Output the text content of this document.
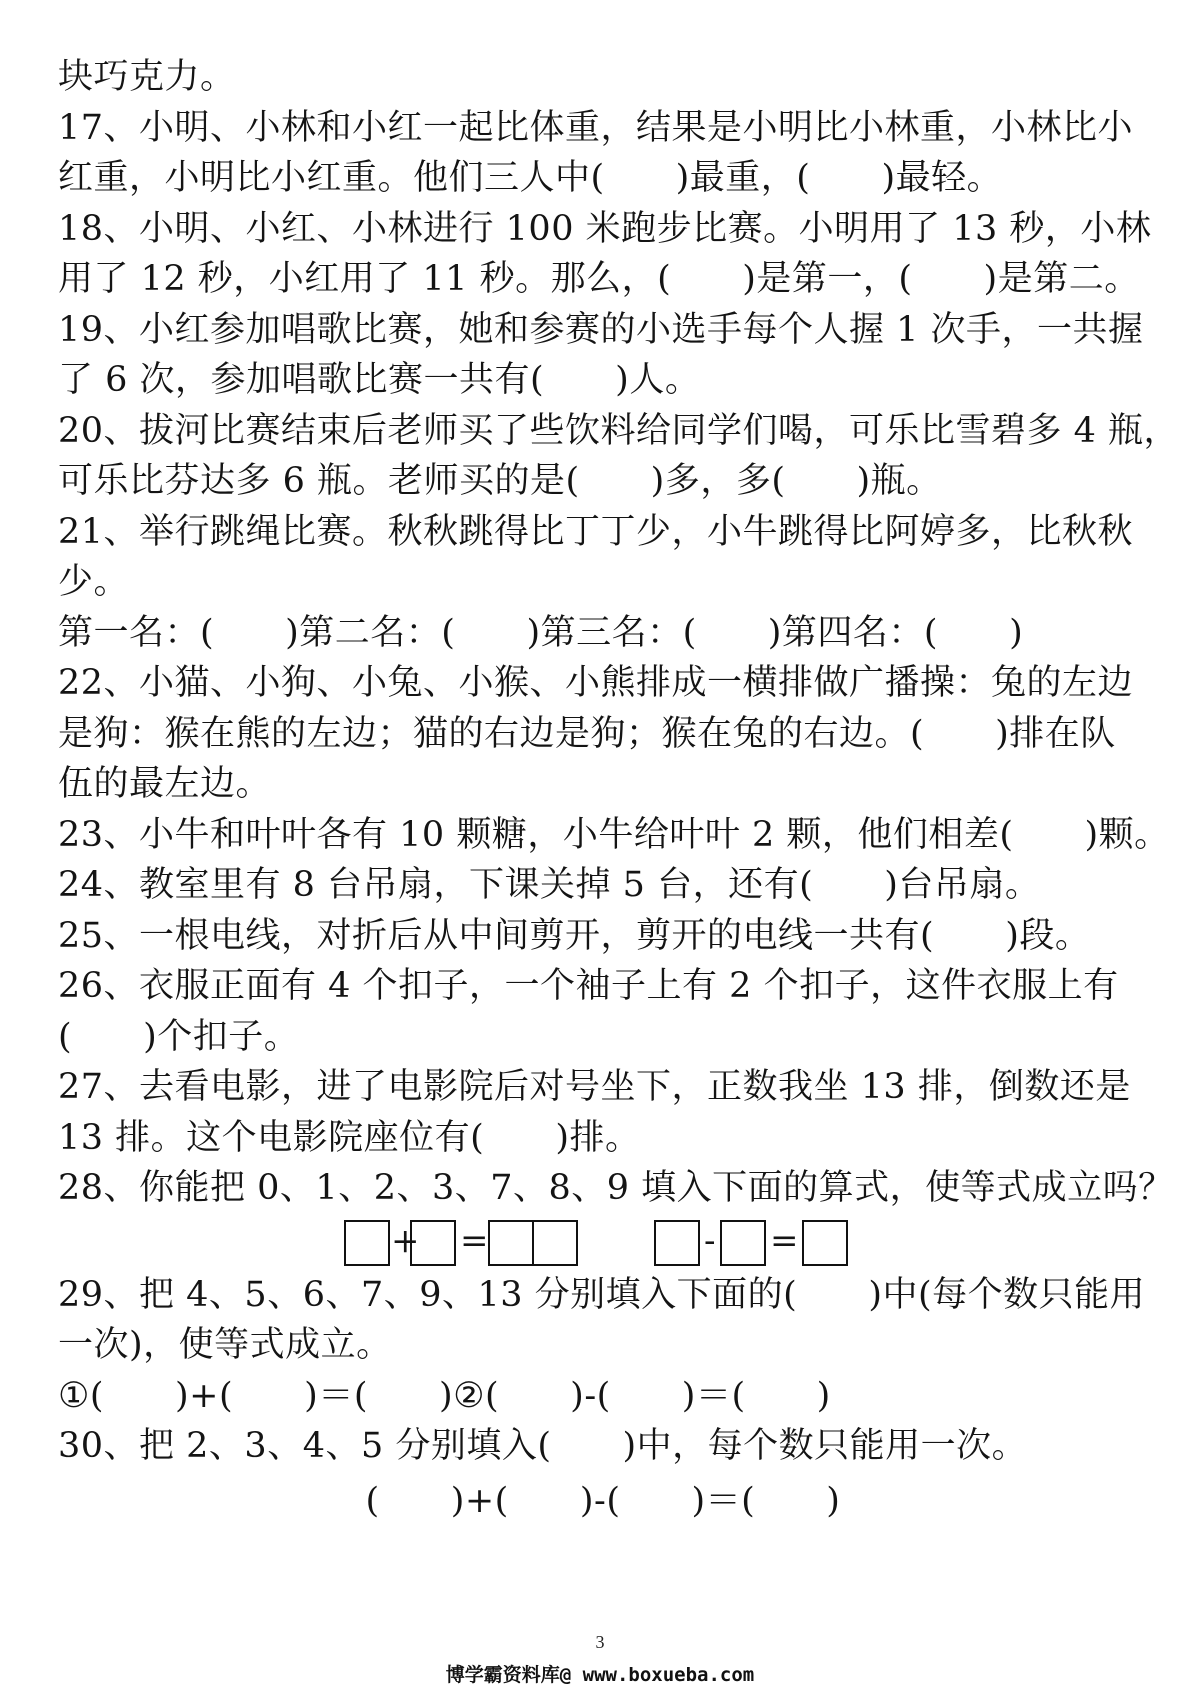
块巧克力。
17、小明、小林和小红一起比体重，结果是小明比小林重，小林比小
红重，小明比小红重。他们三人中(　　)最重，(　　)最轻。
18、小明、小红、小林进行 100 米跑步比赛。小明用了 13 秒，小林
用了 12 秒，小红用了 11 秒。那么，(　　)是第一，(　　)是第二。
19、小红参加唱歌比赛，她和参赛的小选手每个人握 1 次手，一共握
了 6 次，参加唱歌比赛一共有(　　)人。
20、拔河比赛结束后老师买了些饮料给同学们喝，可乐比雪碧多 4 瓶，
可乐比芬达多 6 瓶。老师买的是(　　)多，多(　　)瓶。
21、举行跳绳比赛。秋秋跳得比丁丁少，小牛跳得比阿婷多，比秋秋
少。
第一名：(　　)第二名：(　　)第三名：(　　)第四名：(　　)
22、小猫、小狗、小兔、小猴、小熊排成一横排做广播操：兔的左边
是狗：猴在熊的左边；猫的右边是狗；猴在兔的右边。(　　)排在队
伍的最左边。
23、小牛和叶叶各有 10 颗糖，小牛给叶叶 2 颗，他们相差(　　)颗。
24、教室里有 8 台吊扇，下课关掉 5 台，还有(　　)台吊扇。
25、一根电线，对折后从中间剪开，剪开的电线一共有(　　)段。
26、衣服正面有 4 个扣子，一个袖子上有 2 个扣子，这件衣服上有
(　　)个扣子。
27、去看电影，进了电影院后对号坐下，正数我坐 13 排，倒数还是
13 排。这个电影院座位有(　　)排。
28、你能把 0、1、2、3、7、8、9 填入下面的算式，使等式成立吗？
+ =	- =
29、把 4、5、6、7、9、13 分别填入下面的(　　)中(每个数只能用
一次)，使等式成立。
①(　　)+(　　)＝(　　)②(　　)-(　　)＝(　　)
30、把 2、3、4、5 分别填入(　　)中，每个数只能用一次。
(　　)+(　　)-(　　)＝(　　)
3
博学霸资料库@ www.boxueba.com
